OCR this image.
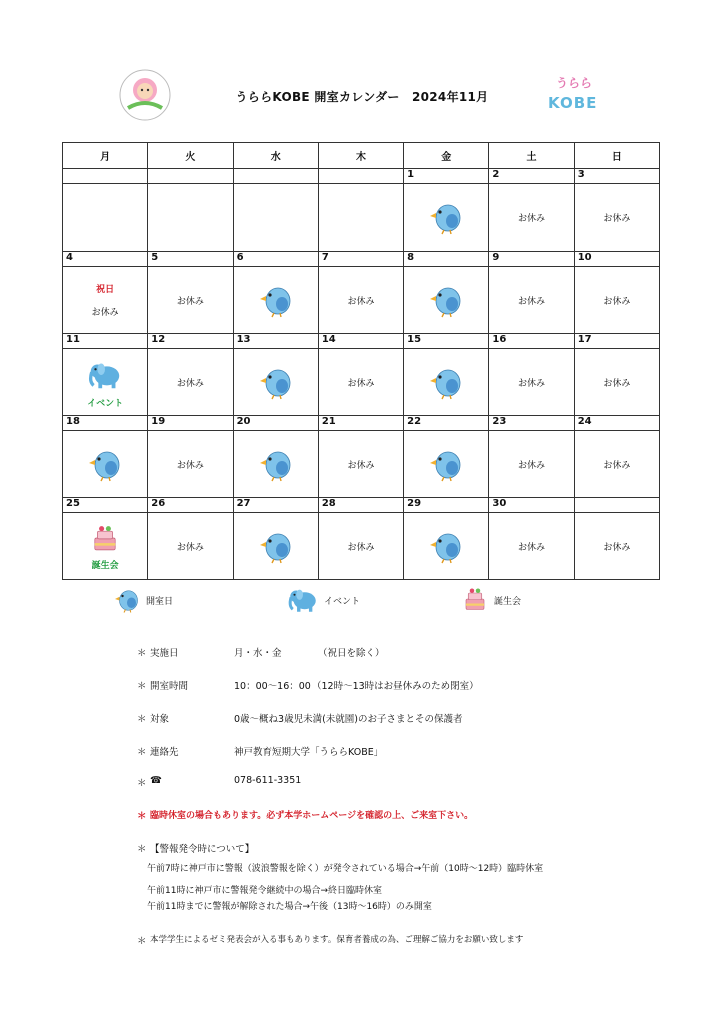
うららKOBE 開室カレンダー　2024年11月
うらら
KOBE
月	火	水	木	金	土	日
				1	2	3
					お休み	お休み
4	5	6	7	8	9	10

祝日
お休み	お休み		お休み		お休み	お休み
11	12	13	14	15	16	17

イベント	お休み		お休み		お休み	お休み
18	19	20	21	22	23	24
	お休み		お休み		お休み	お休み
25	26	27	28	29	30	

誕生会	お休み		お休み		お休み	お休み
開室日	イベント	誕生会
＊ 実施日	月・水・金	（祝日を除く）
＊ 開室時間	10：00～16：00 （12時～13時はお昼休みのため閉室）
＊ 対象	0歳～概ね3歳児未満(未就園)のお子さまとその保護者
＊ 連絡先	神戸教育短期大学「うららKOBE」
＊ ☎	078-611-3351
＊ 臨時休室の場合もあります。必ず本学ホームページを確認の上、ご来室下さい。
＊ 【警報発令時について】
午前7時に神戸市に警報（波浪警報を除く）が発令されている場合→午前（10時～12時）臨時休室
午前11時に神戸市に警報発令継続中の場合→終日臨時休室
午前11時までに警報が解除された場合→午後（13時～16時）のみ開室
＊ 本学学生によるゼミ発表会が入る事もあります。保育者養成の為、ご理解ご協力をお願い致します
